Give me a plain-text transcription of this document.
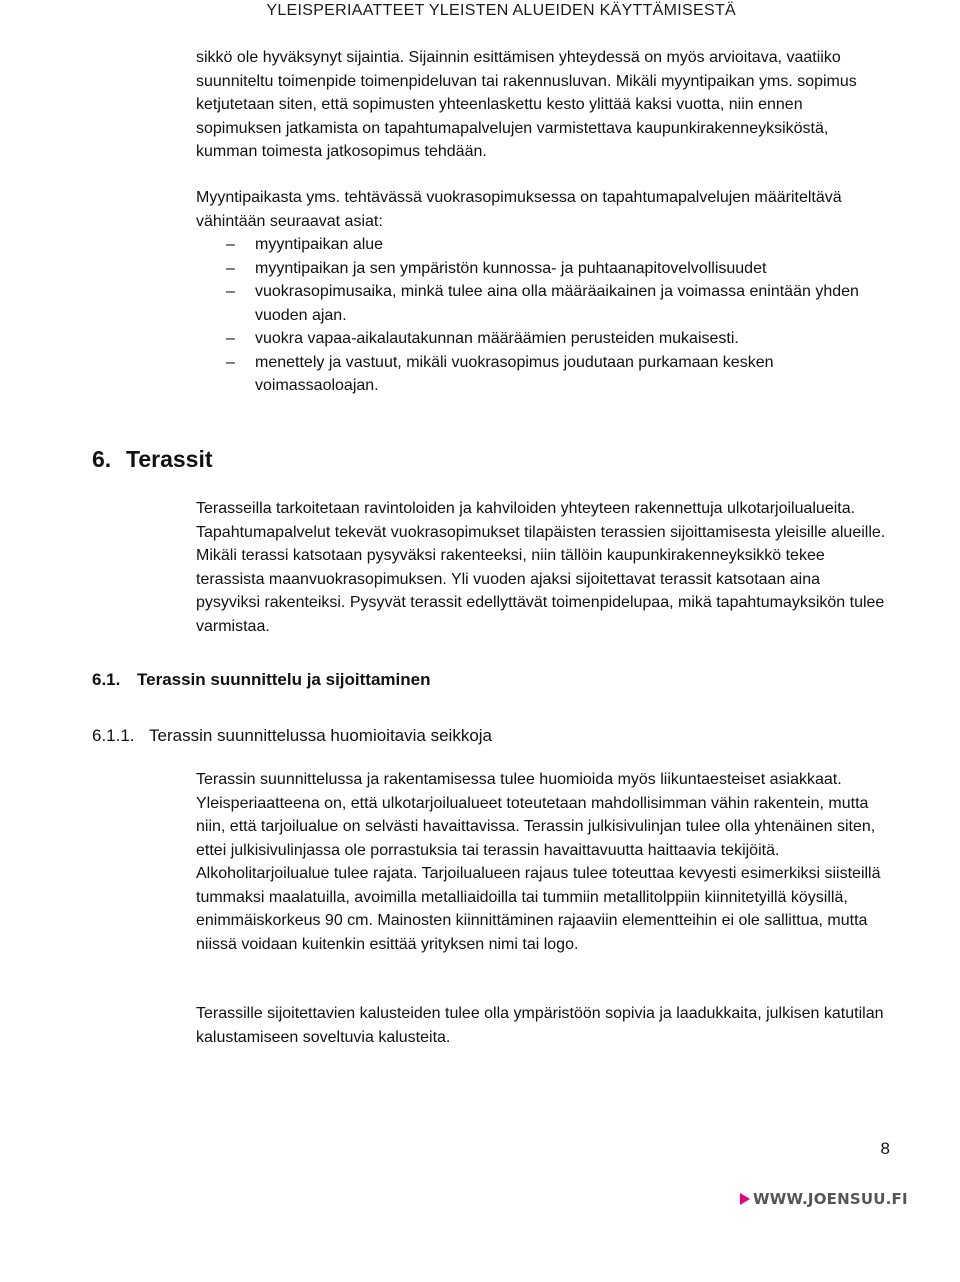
YLEISPERIAATTEET YLEISTEN ALUEIDEN KÄYTTÄMISESTÄ

sikkö ole hyväksynyt sijaintia. Sijainnin esittämisen yhteydessä on myös arvioitava, vaatiiko suunniteltu toimenpide toimenpideluvan tai rakennusluvan. Mikäli myyntipaikan yms. sopimus ketjutetaan siten, että sopimusten yhteenlaskettu kesto ylittää kaksi vuotta, niin ennen sopimuksen jatkamista on tapahtumapalvelujen varmistettava kaupunkirakenneyksiköstä, kumman toimesta jatkosopimus tehdään.

Myyntipaikasta yms. tehtävässä vuokrasopimuksessa on tapahtumapalvelujen määriteltävä vähintään seuraavat asiat:

– myyntipaikan alue
– myyntipaikan ja sen ympäristön kunnossa- ja puhtaanapitovelvollisuudet
– vuokrasopimusaika, minkä tulee aina olla määräaikainen ja voimassa enintään yhden vuoden ajan.
– vuokra vapaa-aikalautakunnan määräämien perusteiden mukaisesti.
– menettely ja vastuut, mikäli vuokrasopimus joudutaan purkamaan kesken voimassaoloajan.
6. Terassit

Terasseilla tarkoitetaan ravintoloiden ja kahviloiden yhteyteen rakennettuja ulkotarjoilualueita. Tapahtumapalvelut tekevät vuokrasopimukset tilapäisten terassien sijoittamisesta yleisille alueille. Mikäli terassi katsotaan pysyväksi rakenteeksi, niin tällöin kaupunkirakenneyksikkö tekee terassista maanvuokrasopimuksen. Yli vuoden ajaksi sijoitettavat terassit katsotaan aina pysyviksi rakenteiksi. Pysyvät terassit edellyttävät toimenpidelupaa, mikä tapahtumayksikön tulee varmistaa.

6.1. Terassin suunnittelu ja sijoittaminen
6.1.1. Terassin suunnittelussa huomioitavia seikkoja

Terassin suunnittelussa ja rakentamisessa tulee huomioida myös liikuntaesteiset asiakkaat. Yleisperiaatteena on, että ulkotarjoilualueet toteutetaan mahdollisimman vähin rakentein, mutta niin, että tarjoilualue on selvästi havaittavissa. Terassin julkisivulinjan tulee olla yhtenäinen siten, ettei julkisivulinjassa ole porrastuksia tai terassin havaittavuutta haittaavia tekijöitä. Alkoholitarjoilualue tulee rajata. Tarjoilualueen rajaus tulee toteuttaa kevyesti esimerkiksi siisteillä tummaksi maalatuilla, avoimilla metalliaidoilla tai tummiin metallitolppiin kiinnitetyillä köysillä, enimmäiskorkeus 90 cm. Mainosten kiinnittäminen rajaaviin elementteihin ei ole sallittua, mutta niissä voidaan kuitenkin esittää yrityksen nimi tai logo.

Terassille sijoitettavien kalusteiden tulee olla ympäristöön sopivia ja laadukkaita, julkisen katutilan kalustamiseen soveltuvia kalusteita.

8
WWW.JOENSUU.FI
